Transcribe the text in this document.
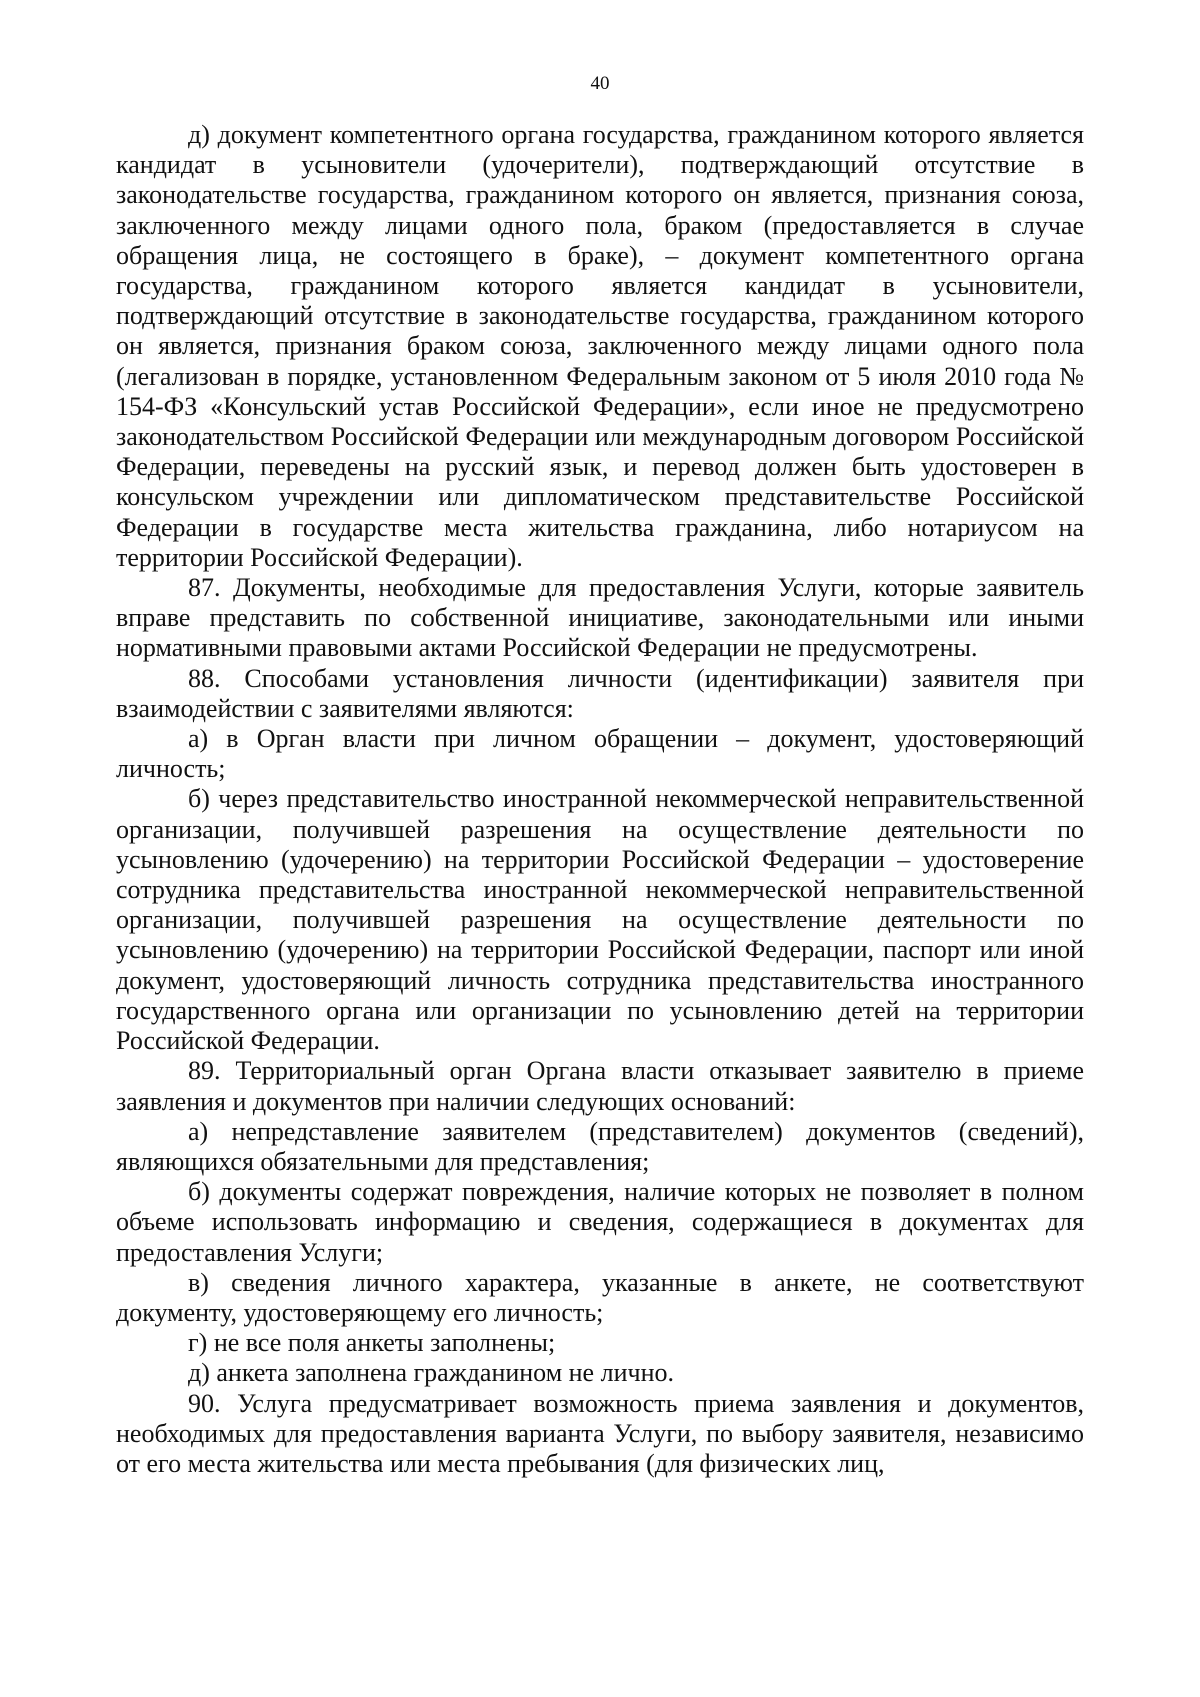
40

д) документ компетентного органа государства, гражданином которого является кандидат в усыновители (удочерители), подтверждающий отсутствие в законодательстве государства, гражданином которого он является, признания союза, заключенного между лицами одного пола, браком (предоставляется в случае обращения лица, не состоящего в браке), – документ компетентного органа государства, гражданином которого является кандидат в усыновители, подтверждающий отсутствие в законодательстве государства, гражданином которого он является, признания браком союза, заключенного между лицами одного пола (легализован в порядке, установленном Федеральным законом от 5 июля 2010 года № 154-ФЗ «Консульский устав Российской Федерации», если иное не предусмотрено законодательством Российской Федерации или международным договором Российской Федерации, переведены на русский язык, и перевод должен быть удостоверен в консульском учреждении или дипломатическом представительстве Российской Федерации в государстве места жительства гражданина, либо нотариусом на территории Российской Федерации).

87. Документы, необходимые для предоставления Услуги, которые заявитель вправе представить по собственной инициативе, законодательными или иными нормативными правовыми актами Российской Федерации не предусмотрены.

88. Способами установления личности (идентификации) заявителя при взаимодействии с заявителями являются:

а) в Орган власти при личном обращении – документ, удостоверяющий личность;

б) через представительство иностранной некоммерческой неправительственной организации, получившей разрешения на осуществление деятельности по усыновлению (удочерению) на территории Российской Федерации – удостоверение сотрудника представительства иностранной некоммерческой неправительственной организации, получившей разрешения на осуществление деятельности по усыновлению (удочерению) на территории Российской Федерации, паспорт или иной документ, удостоверяющий личность сотрудника представительства иностранного государственного органа или организации по усыновлению детей на территории Российской Федерации.

89. Территориальный орган Органа власти отказывает заявителю в приеме заявления и документов при наличии следующих оснований:

а) непредставление заявителем (представителем) документов (сведений), являющихся обязательными для представления;

б) документы содержат повреждения, наличие которых не позволяет в полном объеме использовать информацию и сведения, содержащиеся в документах для предоставления Услуги;

в) сведения личного характера, указанные в анкете, не соответствуют документу, удостоверяющему его личность;

г) не все поля анкеты заполнены;

д) анкета заполнена гражданином не лично.

90. Услуга предусматривает возможность приема заявления и документов, необходимых для предоставления варианта Услуги, по выбору заявителя, независимо от его места жительства или места пребывания (для физических лиц,
